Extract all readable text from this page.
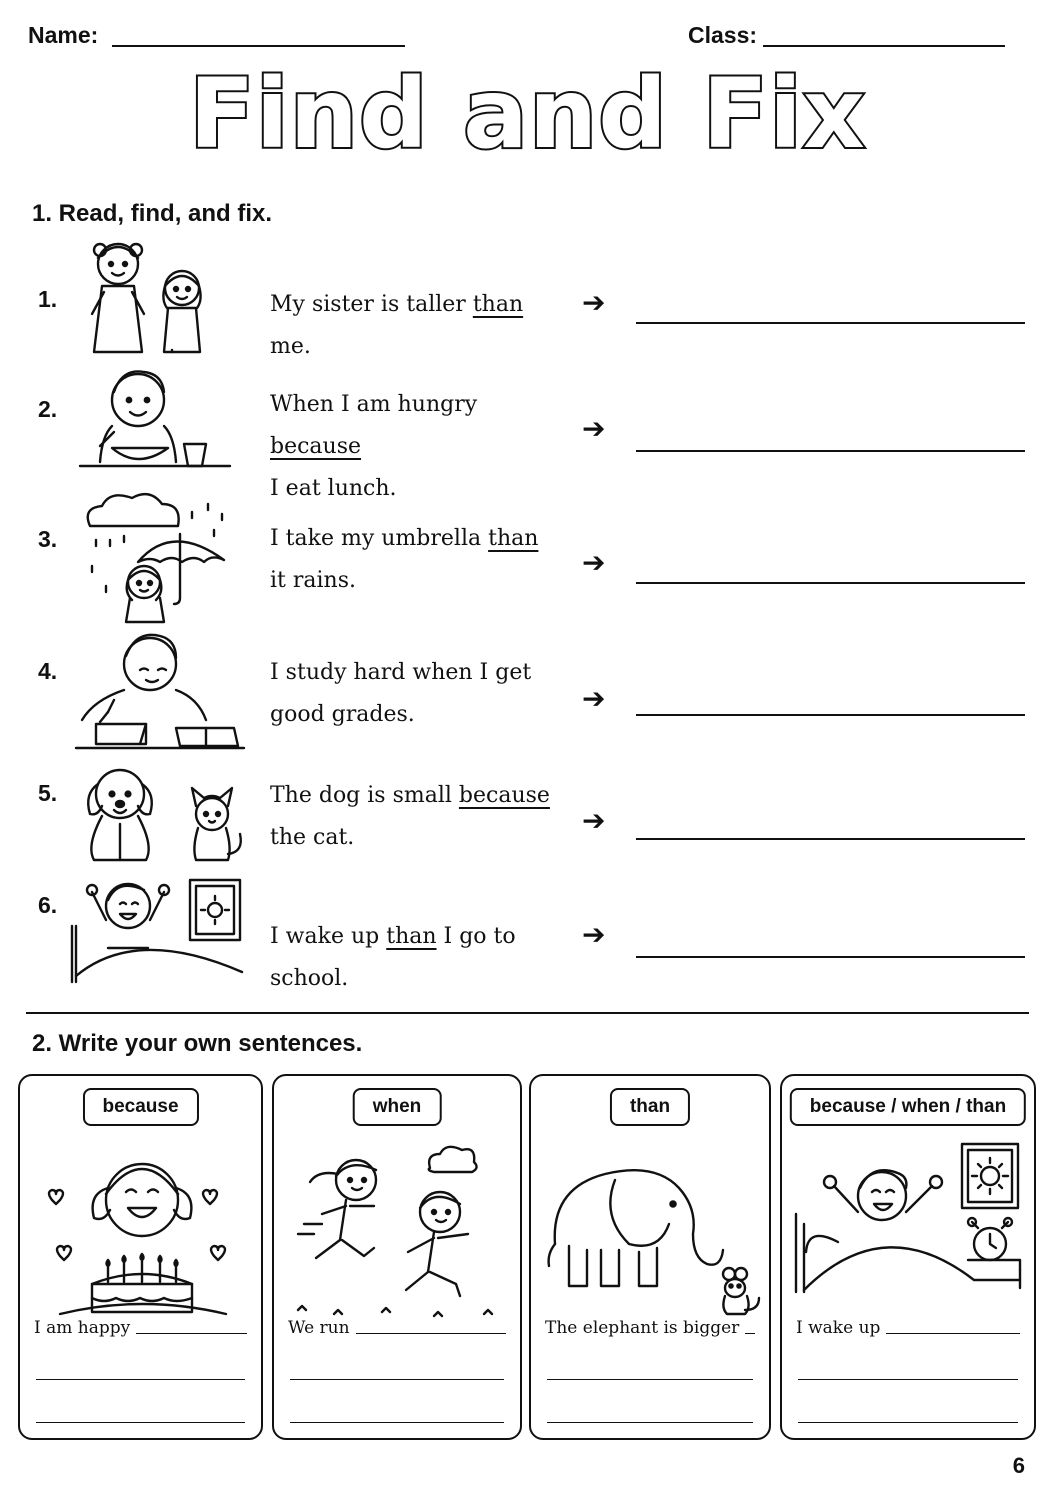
Name:	Class:
Find and Fix
1. Read, find, and fix.
1.	My sister is taller than me.
➔
2.	When I am hungry because
I eat lunch.
➔
3.	I take my umbrella than
it rains.
➔
4.	I study hard when I get
good grades.	➔
5.	The dog is small because
the cat.
➔
6.
I wake up than I go to school.
➔
2. Write your own sentences.
because
I am happy
when
We run
than
The elephant is bigger
because / when / than
I wake up
6
